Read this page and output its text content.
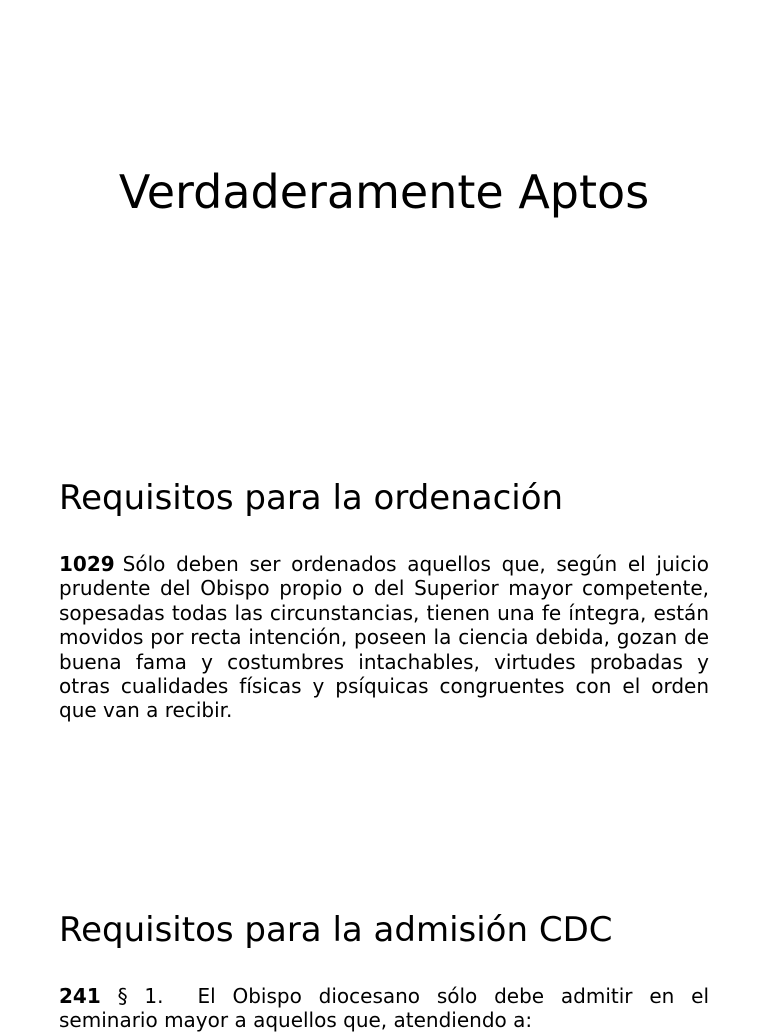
Verdaderamente Aptos
Requisitos para la ordenación

1029 Sólo deben ser ordenados aquellos que, según el juicio prudente del Obispo propio o del Superior mayor competente, sopesadas todas las circunstancias, tienen una fe íntegra, están movidos por recta intención, poseen la ciencia debida, gozan de buena fama y costumbres intachables, virtudes probadas y otras cualidades físicas y psíquicas congruentes con el orden que van a recibir.

Requisitos para la admisión CDC

241 § 1. El Obispo diocesano sólo debe admitir en el seminario mayor a aquellos que, atendiendo a:
